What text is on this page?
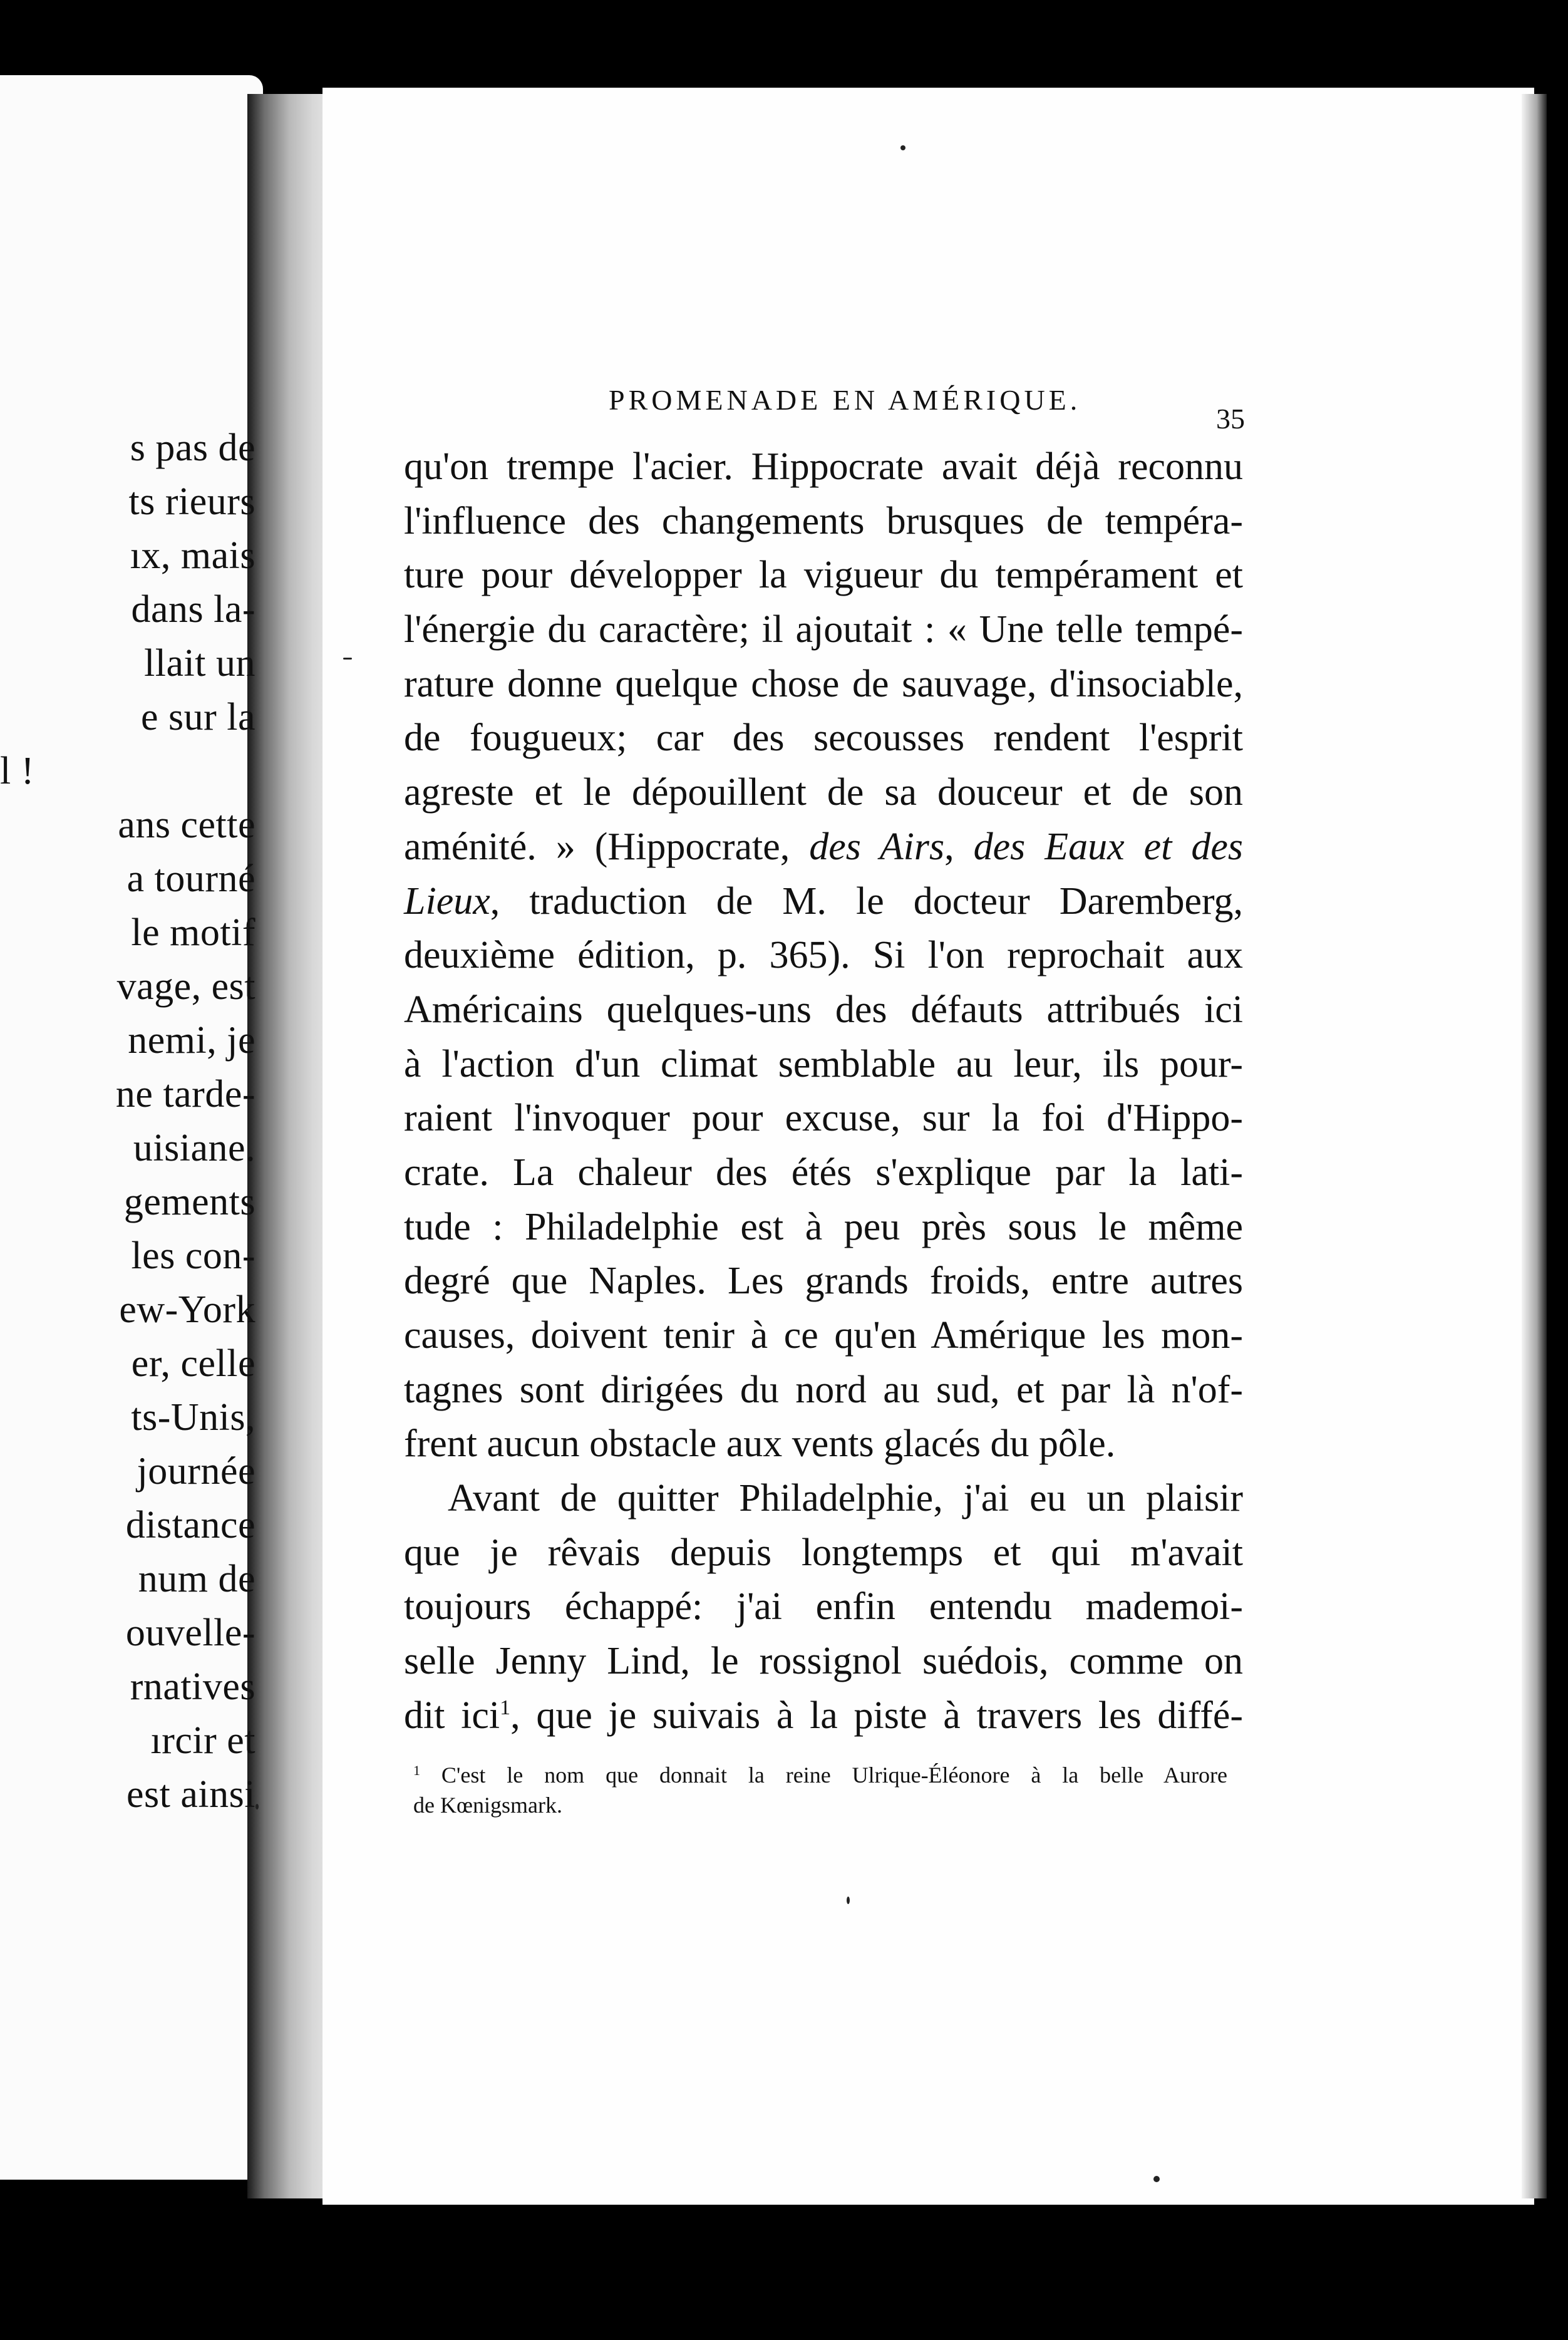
s pas de
ts rieurs
ıx, mais
dans la-
llait un
e sur la
l !
ans cette
a tourné
le motif
vage, est
nemi, je
ne tarde-
uisiane.
gements
les con-
ew-York
er, celle
ts-Unis,
journée
distance
num de
ouvelle-
rnatives
ırcir et
est ainsi
PROMENADE EN AMÉRIQUE.
35
qu'on trempe l'acier. Hippocrate avait déjà reconnu
l'influence des changements brusques de tempéra-
ture pour développer la vigueur du tempérament et
l'énergie du caractère; il ajoutait : « Une telle tempé-
rature donne quelque chose de sauvage, d'insociable,
de fougueux; car des secousses rendent l'esprit
agreste et le dépouillent de sa douceur et de son
aménité. » (Hippocrate, des Airs, des Eaux et des
Lieux, traduction de M. le docteur Daremberg,
deuxième édition, p. 365). Si l'on reprochait aux
Américains quelques-uns des défauts attribués ici
à l'action d'un climat semblable au leur, ils pour-
raient l'invoquer pour excuse, sur la foi d'Hippo-
crate. La chaleur des étés s'explique par la lati-
tude : Philadelphie est à peu près sous le même
degré que Naples. Les grands froids, entre autres
causes, doivent tenir à ce qu'en Amérique les mon-
tagnes sont dirigées du nord au sud, et par là n'of-
frent aucun obstacle aux vents glacés du pôle.
Avant de quitter Philadelphie, j'ai eu un plaisir
que je rêvais depuis longtemps et qui m'avait
toujours échappé: j'ai enfin entendu mademoi-
selle Jenny Lind, le rossignol suédois, comme on
dit ici$^1$, que je suivais à la piste à travers les diffé-
$^1$ C'est le nom que donnait la reine Ulrique-Éléonore à la belle Aurore
de Kœnigsmark.
